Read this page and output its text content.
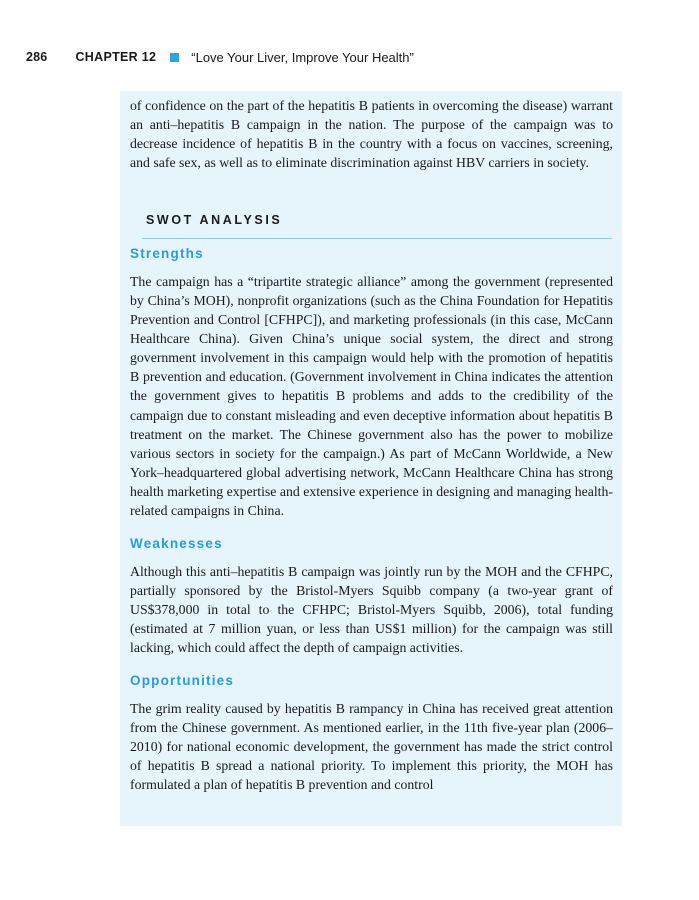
286 CHAPTER 12	“Love Your Liver, Improve Your Health”

of confidence on the part of the hepatitis B patients in overcoming the disease) warrant an anti–hepatitis B campaign in the nation. The purpose of the campaign was to decrease incidence of hepatitis B in the country with a focus on vaccines, screening, and safe sex, as well as to eliminate discrimination against HBV carriers in society.

SWOT ANALYSIS
Strengths

The campaign has a “tripartite strategic alliance” among the government (represented by China’s MOH), nonprofit organizations (such as the China Foundation for Hepatitis Prevention and Control [CFHPC]), and marketing professionals (in this case, McCann Healthcare China). Given China’s unique social system, the direct and strong government involvement in this campaign would help with the promotion of hepatitis B prevention and education. (Government involvement in China indicates the attention the government gives to hepatitis B problems and adds to the credibility of the campaign due to constant misleading and even deceptive information about hepatitis B treatment on the market. The Chinese government also has the power to mobilize various sectors in society for the campaign.) As part of McCann Worldwide, a New York–headquartered global advertising network, McCann Healthcare China has strong health marketing expertise and extensive experience in designing and managing health-related campaigns in China.

Weaknesses

Although this anti–hepatitis B campaign was jointly run by the MOH and the CFHPC, partially sponsored by the Bristol-Myers Squibb company (a two-year grant of US$378,000 in total to the CFHPC; Bristol-Myers Squibb, 2006), total funding (estimated at 7 million yuan, or less than US$1 million) for the campaign was still lacking, which could affect the depth of campaign activities.

Opportunities

The grim reality caused by hepatitis B rampancy in China has received great attention from the Chinese government. As mentioned earlier, in the 11th five-year plan (2006–2010) for national economic development, the government has made the strict control of hepatitis B spread a national priority. To implement this priority, the MOH has formulated a plan of hepatitis B prevention and control
